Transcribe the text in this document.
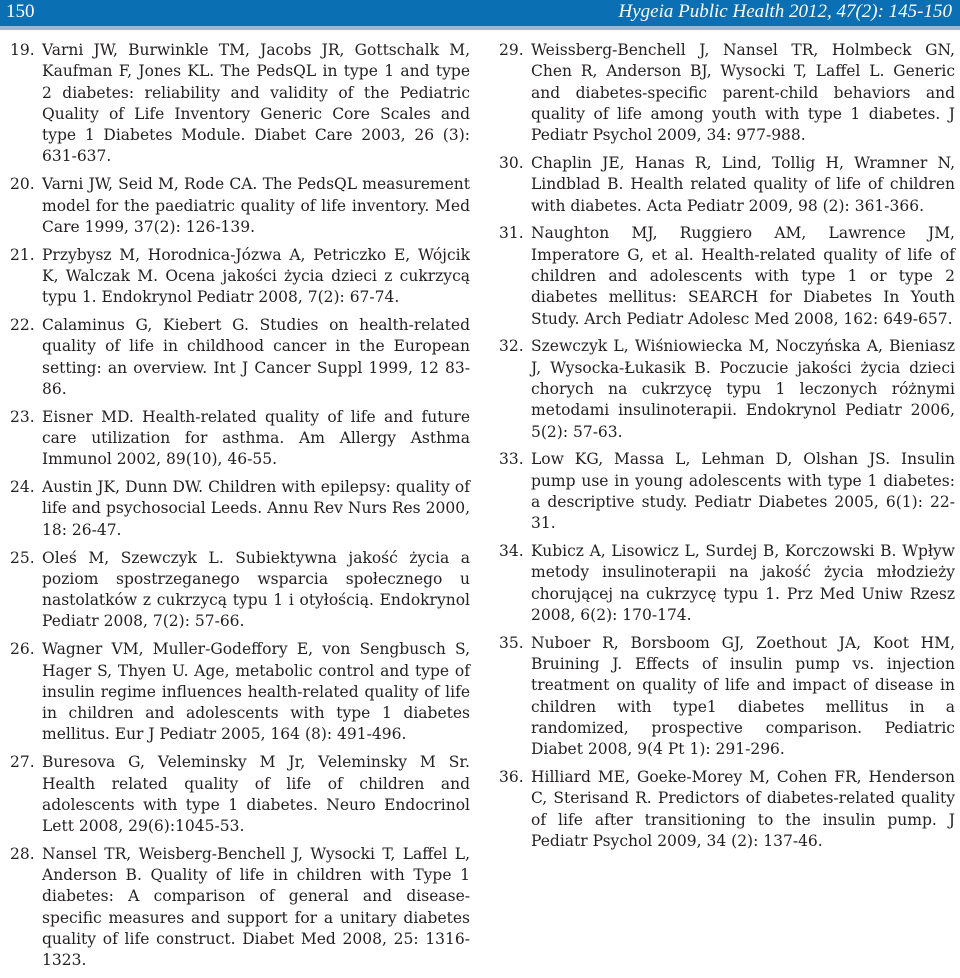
150	Hygeia Public Health 2012, 47(2): 145-150
19. Varni JW, Burwinkle TM, Jacobs JR, Gottschalk M, Kaufman F, Jones KL. The PedsQL in type 1 and type 2 diabetes: reliability and validity of the Pediatric Quality of Life Inventory Generic Core Scales and type 1 Diabetes Module. Diabet Care 2003, 26 (3): 631-637.
20. Varni JW, Seid M, Rode CA. The PedsQL measurement model for the paediatric quality of life inventory. Med Care 1999, 37(2): 126-139.
21. Przybysz M, Horodnica-Józwa A, Petriczko E, Wójcik K, Walczak M. Ocena jakości życia dzieci z cukrzycą typu 1. Endokrynol Pediatr 2008, 7(2): 67-74.
22. Calaminus G, Kiebert G. Studies on health-related quality of life in childhood cancer in the European setting: an overview. Int J Cancer Suppl 1999, 12 83-86.
23. Eisner MD. Health-related quality of life and future care utilization for asthma. Am Allergy Asthma Immunol 2002, 89(10), 46-55.
24. Austin JK, Dunn DW. Children with epilepsy: quality of life and psychosocial Leeds. Annu Rev Nurs Res 2000, 18: 26-47.
25. Oleś M, Szewczyk L. Subiektywna jakość życia a poziom spostrzeganego wsparcia społecznego u nastolatków z cukrzycą typu 1 i otyłością. Endokrynol Pediatr 2008, 7(2): 57-66.
26. Wagner VM, Muller-Godeffory E, von Sengbusch S, Hager S, Thyen U. Age, metabolic control and type of insulin regime influences health-related quality of life in children and adolescents with type 1 diabetes mellitus. Eur J Pediatr 2005, 164 (8): 491-496.
27. Buresova G, Veleminsky M Jr, Veleminsky M Sr. Health related quality of life of children and adolescents with type 1 diabetes. Neuro Endocrinol Lett 2008, 29(6):1045-53.
28. Nansel TR, Weisberg-Benchell J, Wysocki T, Laffel L, Anderson B. Quality of life in children with Type 1 diabetes: A comparison of general and disease-specific measures and support for a unitary diabetes quality of life construct. Diabet Med 2008, 25: 1316-1323.
29. Weissberg-Benchell J, Nansel TR, Holmbeck GN, Chen R, Anderson BJ, Wysocki T, Laffel L. Generic and diabetes-specific parent-child behaviors and quality of life among youth with type 1 diabetes. J Pediatr Psychol 2009, 34: 977-988.
30. Chaplin JE, Hanas R, Lind, Tollig H, Wramner N, Lindblad B. Health related quality of life of children with diabetes. Acta Pediatr 2009, 98 (2): 361-366.
31. Naughton MJ, Ruggiero AM, Lawrence JM, Imperatore G, et al. Health-related quality of life of children and adolescents with type 1 or type 2 diabetes mellitus: SEARCH for Diabetes In Youth Study. Arch Pediatr Adolesc Med 2008, 162: 649-657.
32. Szewczyk L, Wiśniowiecka M, Noczyńska A, Bieniasz J, Wysocka-Łukasik B. Poczucie jakości życia dzieci chorych na cukrzycę typu 1 leczonych różnymi metodami insulinoterapii. Endokrynol Pediatr 2006, 5(2): 57-63.
33. Low KG, Massa L, Lehman D, Olshan JS. Insulin pump use in young adolescents with type 1 diabetes: a descriptive study. Pediatr Diabetes 2005, 6(1): 22-31.
34. Kubicz A, Lisowicz L, Surdej B, Korczowski B. Wpływ metody insulinoterapii na jakość życia młodzieży chorującej na cukrzycę typu 1. Prz Med Uniw Rzesz 2008, 6(2): 170-174.
35. Nuboer R, Borsboom GJ, Zoethout JA, Koot HM, Bruining J. Effects of insulin pump vs. injection treatment on quality of life and impact of disease in children with type1 diabetes mellitus in a randomized, prospective comparison. Pediatric Diabet 2008, 9(4 Pt 1): 291-296.
36. Hilliard ME, Goeke-Morey M, Cohen FR, Henderson C, Sterisand R. Predictors of diabetes-related quality of life after transitioning to the insulin pump. J Pediatr Psychol 2009, 34 (2): 137-46.
